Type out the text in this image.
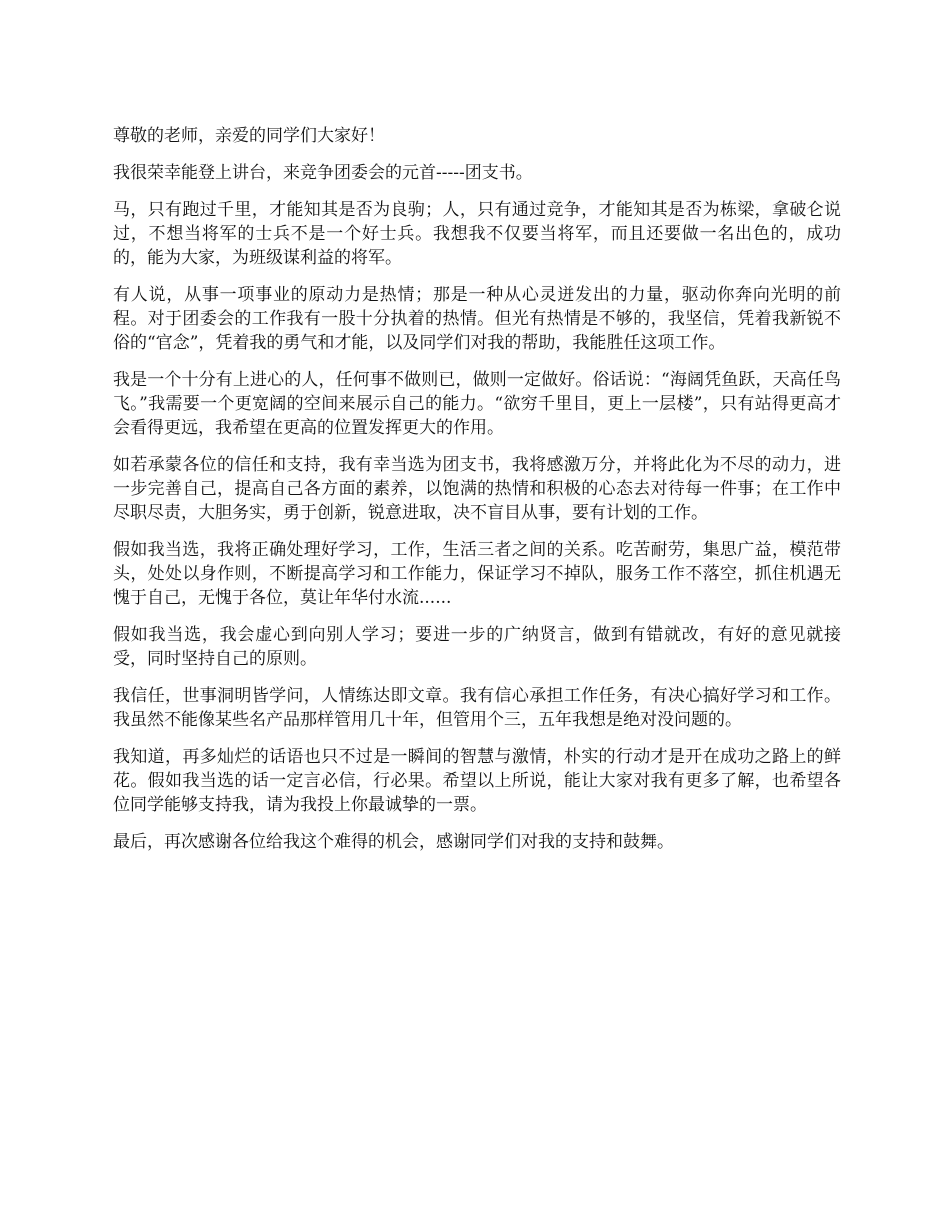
尊敬的老师，亲爱的同学们大家好！

我很荣幸能登上讲台，来竞争团委会的元首-----团支书。

马，只有跑过千里，才能知其是否为良驹；人，只有通过竞争，才能知其是否为栋梁，拿破仑说过，不想当将军的士兵不是一个好士兵。我想我不仅要当将军，而且还要做一名出色的，成功的，能为大家，为班级谋利益的将军。

有人说，从事一项事业的原动力是热情；那是一种从心灵迸发出的力量，驱动你奔向光明的前程。对于团委会的工作我有一股十分执着的热情。但光有热情是不够的，我坚信，凭着我新锐不俗的“官念”，凭着我的勇气和才能，以及同学们对我的帮助，我能胜任这项工作。

我是一个十分有上进心的人，任何事不做则已，做则一定做好。俗话说：“海阔凭鱼跃，天高任鸟飞。”我需要一个更宽阔的空间来展示自己的能力。“欲穷千里目，更上一层楼”，只有站得更高才会看得更远，我希望在更高的位置发挥更大的作用。

如若承蒙各位的信任和支持，我有幸当选为团支书，我将感激万分，并将此化为不尽的动力，进一步完善自己，提高自己各方面的素养，以饱满的热情和积极的心态去对待每一件事；在工作中尽职尽责，大胆务实，勇于创新，锐意进取，决不盲目从事，要有计划的工作。

假如我当选，我将正确处理好学习，工作，生活三者之间的关系。吃苦耐劳，集思广益，模范带头，处处以身作则，不断提高学习和工作能力，保证学习不掉队，服务工作不落空，抓住机遇无愧于自己，无愧于各位，莫让年华付水流......

假如我当选，我会虚心到向别人学习；要进一步的广纳贤言，做到有错就改，有好的意见就接受，同时坚持自己的原则。

我信任，世事洞明皆学问，人情练达即文章。我有信心承担工作任务，有决心搞好学习和工作。我虽然不能像某些名产品那样管用几十年，但管用个三，五年我想是绝对没问题的。

我知道，再多灿烂的话语也只不过是一瞬间的智慧与激情，朴实的行动才是开在成功之路上的鲜花。假如我当选的话一定言必信，行必果。希望以上所说，能让大家对我有更多了解，也希望各位同学能够支持我，请为我投上你最诚挚的一票。

最后，再次感谢各位给我这个难得的机会，感谢同学们对我的支持和鼓舞。
